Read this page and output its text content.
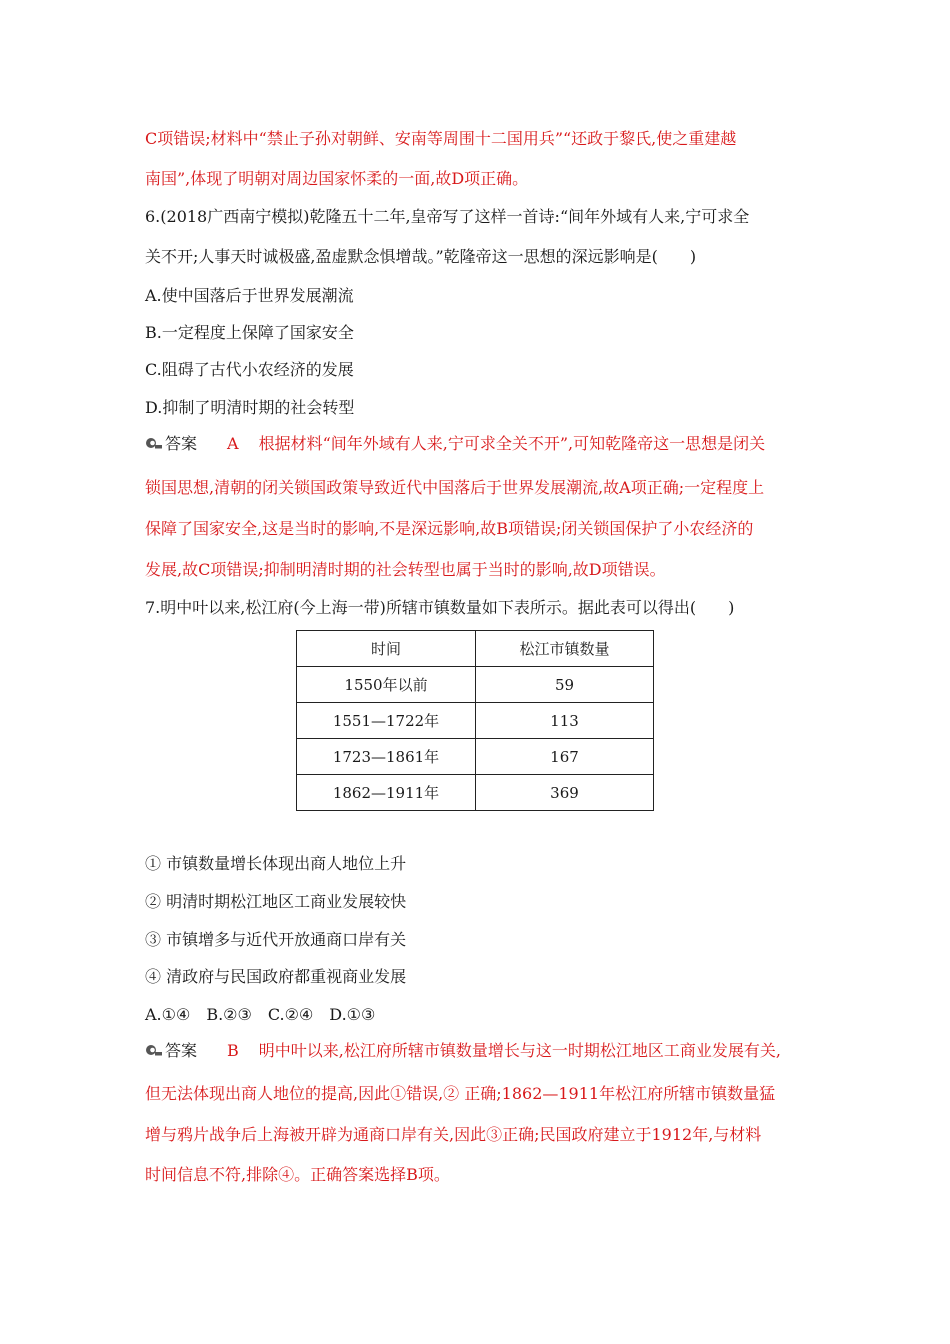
C项错误;材料中“禁止子孙对朝鲜、安南等周围十二国用兵”“还政于黎氏,使之重建越
南国”,体现了明朝对周边国家怀柔的一面,故D项正确。
6.(2018广西南宁模拟)乾隆五十二年,皇帝写了这样一首诗:“间年外域有人来,宁可求全
关不开;人事天时诚极盛,盈虚默念惧增哉。”乾隆帝这一思想的深远影响是(　　)
A.使中国落后于世界发展潮流
B.一定程度上保障了国家安全
C.阻碍了古代小农经济的发展
D.抑制了明清时期的社会转型
答案 A 根据材料“间年外域有人来,宁可求全关不开”,可知乾隆帝这一思想是闭关
锁国思想,清朝的闭关锁国政策导致近代中国落后于世界发展潮流,故A项正确;一定程度上
保障了国家安全,这是当时的影响,不是深远影响,故B项错误;闭关锁国保护了小农经济的
发展,故C项错误;抑制明清时期的社会转型也属于当时的影响,故D项错误。
7.明中叶以来,松江府(今上海一带)所辖市镇数量如下表所示。据此表可以得出(　　)
时间	松江市镇数量
1550年以前	59
1551—1722年	113
1723—1861年	167
1862—1911年	369
① 市镇数量增长体现出商人地位上升
② 明清时期松江地区工商业发展较快
③ 市镇增多与近代开放通商口岸有关
④ 清政府与民国政府都重视商业发展
A.①④　B.②③　C.②④　D.①③
答案 B 明中叶以来,松江府所辖市镇数量增长与这一时期松江地区工商业发展有关,
但无法体现出商人地位的提高,因此①错误,② 正确;1862—1911年松江府所辖市镇数量猛
增与鸦片战争后上海被开辟为通商口岸有关,因此③正确;民国政府建立于1912年,与材料
时间信息不符,排除④。正确答案选择B项。
